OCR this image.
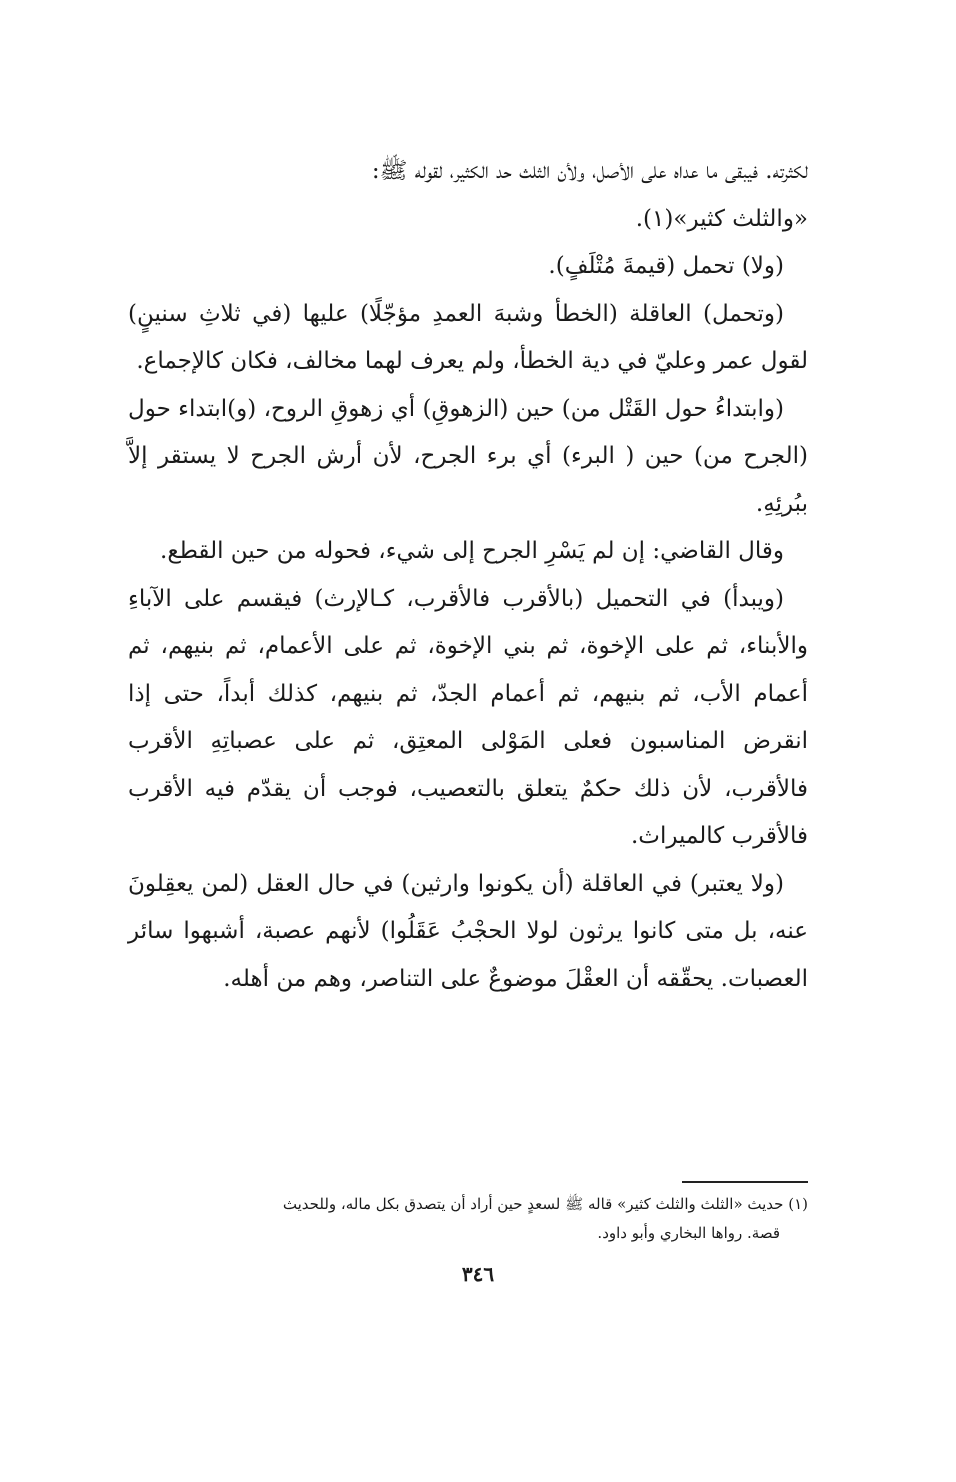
لكثرته. فيبقى ما عداه على الأصل، ولأن الثلث حد الكثير، لقوله ﷺ:
«والثلث كثير»(١).

(ولا) تحمل (قيمةَ مُتْلَفٍ).

(وتحمل) العاقلة (الخطأ وشبهَ العمدِ مؤجّلًا) عليها (في ثلاثِ سنينٍ) لقول عمر وعليّ في دية الخطأ، ولم يعرف لهما مخالف، فكان كالإجماع.

(وابتداءُ حول القَتْل من) حين (الزهوقِ) أي زهوقِ الروح، (و)ابتداء حول (الجرح من) حين ( البرء) أي برء الجرح، لأن أرش الجرح لا يستقر إلاَّ ببُرئِهِ.

وقال القاضي: إن لم يَسْرِ الجرح إلى شيء، فحوله من حين القطع.

(ويبدأ) في التحميل (بالأقرب فالأقرب، كـالإرث) فيقسم على الآباءِ والأبناء، ثم على الإخوة، ثم بني الإخوة، ثم على الأعمام، ثم بنيهم، ثم أعمام الأب، ثم بنيهم، ثم أعمام الجدّ، ثم بنيهم، كذلك أبداً، حتى إذا انقرض المناسبون فعلى المَوْلى المعتِق، ثم على عصباتِهِ الأقرب فالأقرب، لأن ذلك حكمٌ يتعلق بالتعصيب، فوجب أن يقدّم فيه الأقرب فالأقرب كالميراث.

(ولا يعتبر) في العاقلة (أن يكونوا وارثين) في حال العقل (لمن يعقِلونَ عنه، بل متى كانوا يرثون لولا الحجْبُ عَقَلُوا) لأنهم عصبة، أشبهوا سائر العصبات. يحقّقه أن العقْلَ موضوعٌ على التناصر، وهم من أهله.

(١) حديث «الثلث والثلث كثير» قاله ﷺ لسعدٍ حين أراد أن يتصدق بكل ماله، وللحديث

قصة. رواها البخاري وأبو داود.

٣٤٦
